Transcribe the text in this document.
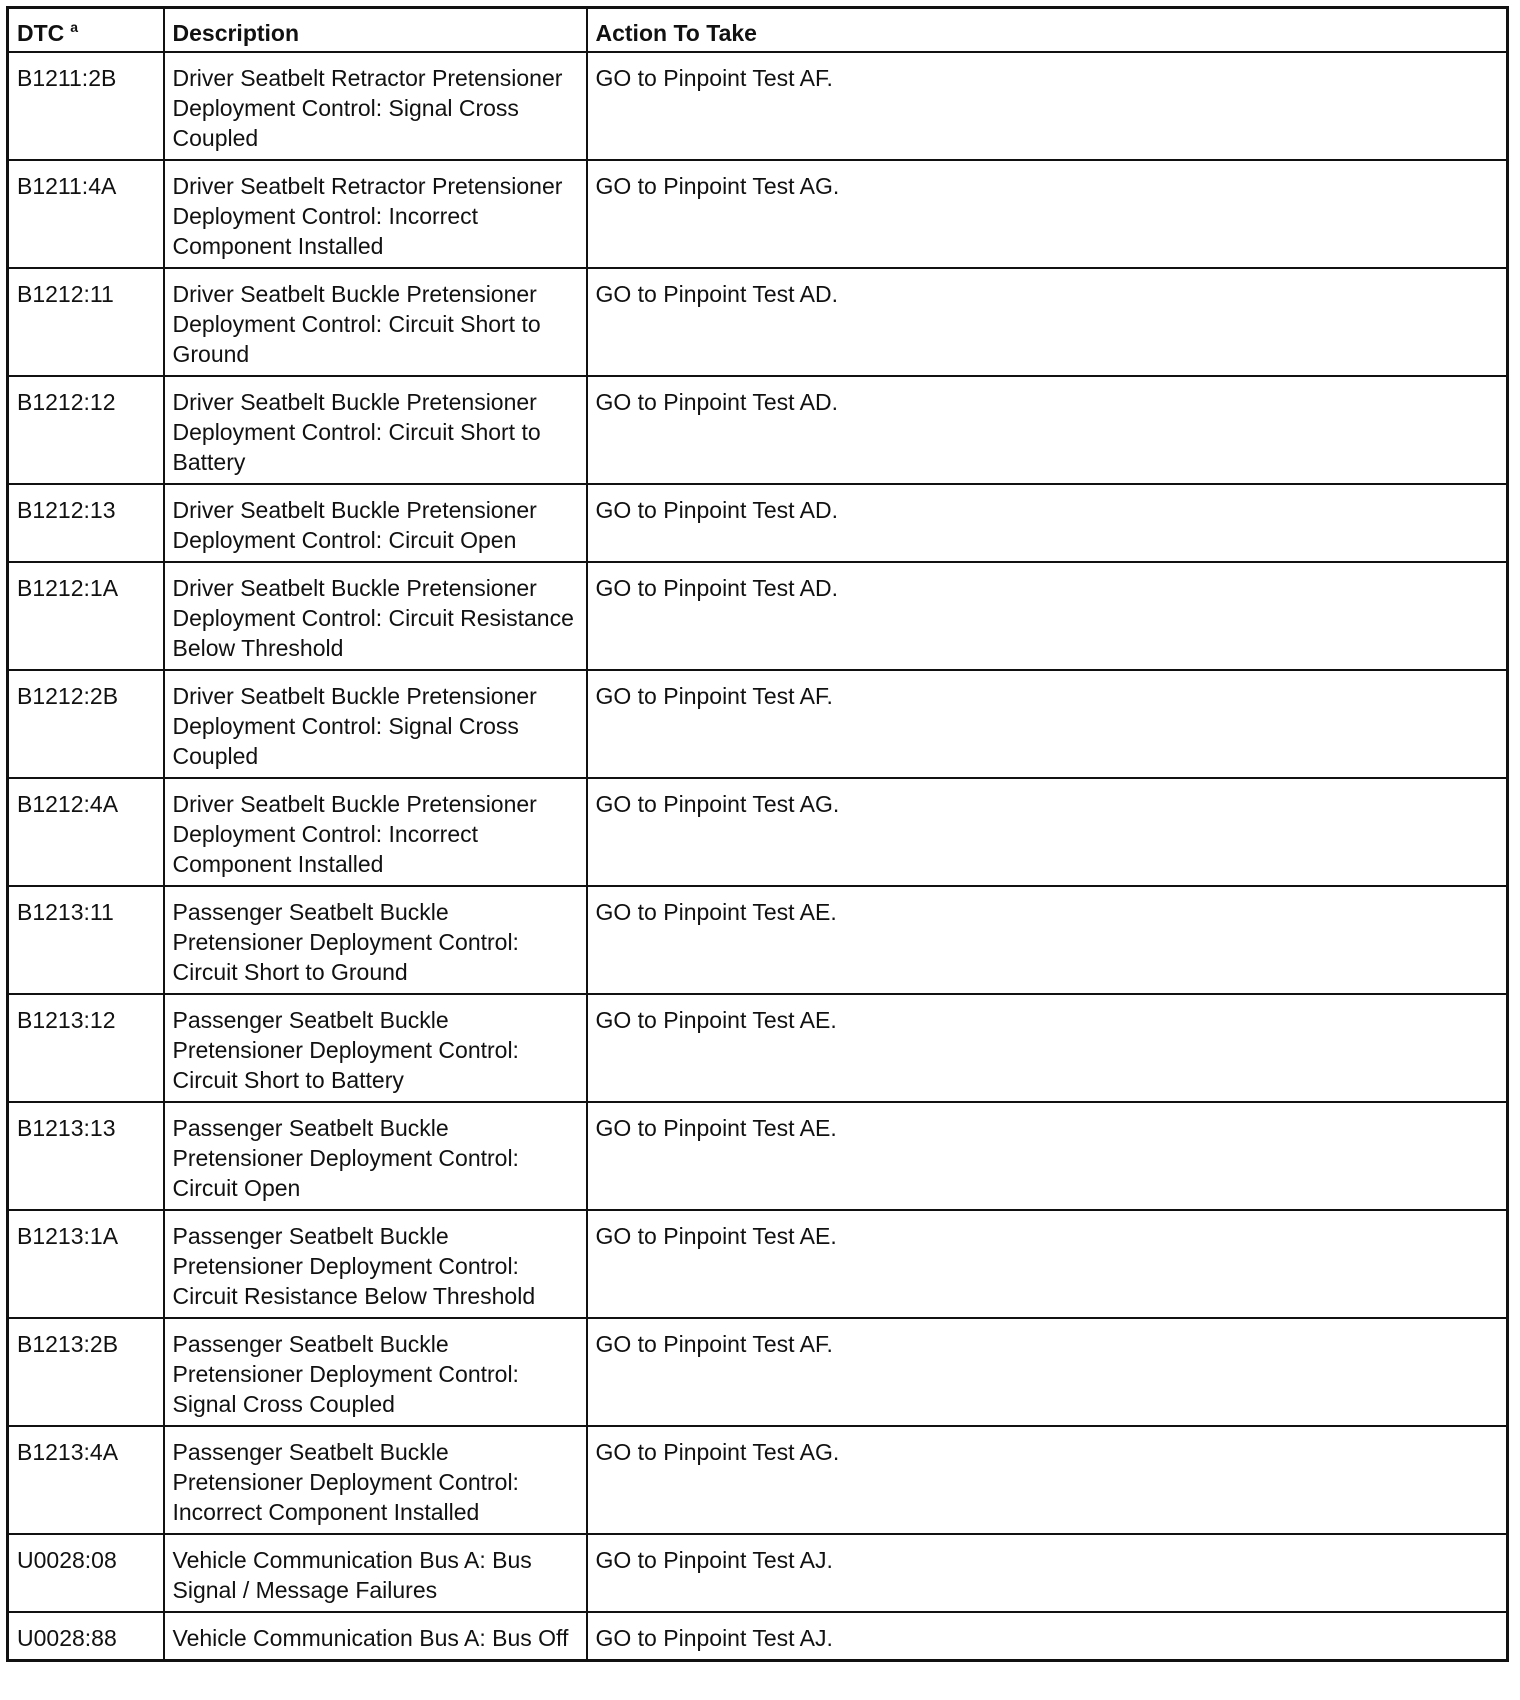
DTC $^a$	Description	Action To Take
B1211:2B	Driver Seatbelt Retractor Pretensioner Deployment Control: Signal Cross Coupled	GO to Pinpoint Test AF.
B1211:4A	Driver Seatbelt Retractor Pretensioner Deployment Control: Incorrect Component Installed	GO to Pinpoint Test AG.
B1212:11	Driver Seatbelt Buckle Pretensioner Deployment Control: Circuit Short to Ground	GO to Pinpoint Test AD.
B1212:12	Driver Seatbelt Buckle Pretensioner Deployment Control: Circuit Short to Battery	GO to Pinpoint Test AD.
B1212:13	Driver Seatbelt Buckle Pretensioner Deployment Control: Circuit Open	GO to Pinpoint Test AD.
B1212:1A	Driver Seatbelt Buckle Pretensioner Deployment Control: Circuit Resistance Below Threshold	GO to Pinpoint Test AD.
B1212:2B	Driver Seatbelt Buckle Pretensioner Deployment Control: Signal Cross Coupled	GO to Pinpoint Test AF.
B1212:4A	Driver Seatbelt Buckle Pretensioner Deployment Control: Incorrect Component Installed	GO to Pinpoint Test AG.
B1213:11	Passenger Seatbelt Buckle Pretensioner Deployment Control: Circuit Short to Ground	GO to Pinpoint Test AE.
B1213:12	Passenger Seatbelt Buckle Pretensioner Deployment Control: Circuit Short to Battery	GO to Pinpoint Test AE.
B1213:13	Passenger Seatbelt Buckle Pretensioner Deployment Control: Circuit Open	GO to Pinpoint Test AE.
B1213:1A	Passenger Seatbelt Buckle Pretensioner Deployment Control: Circuit Resistance Below Threshold	GO to Pinpoint Test AE.
B1213:2B	Passenger Seatbelt Buckle Pretensioner Deployment Control: Signal Cross Coupled	GO to Pinpoint Test AF.
B1213:4A	Passenger Seatbelt Buckle Pretensioner Deployment Control: Incorrect Component Installed	GO to Pinpoint Test AG.
U0028:08	Vehicle Communication Bus A: Bus Signal / Message Failures	GO to Pinpoint Test AJ.
U0028:88	Vehicle Communication Bus A: Bus Off	GO to Pinpoint Test AJ.
